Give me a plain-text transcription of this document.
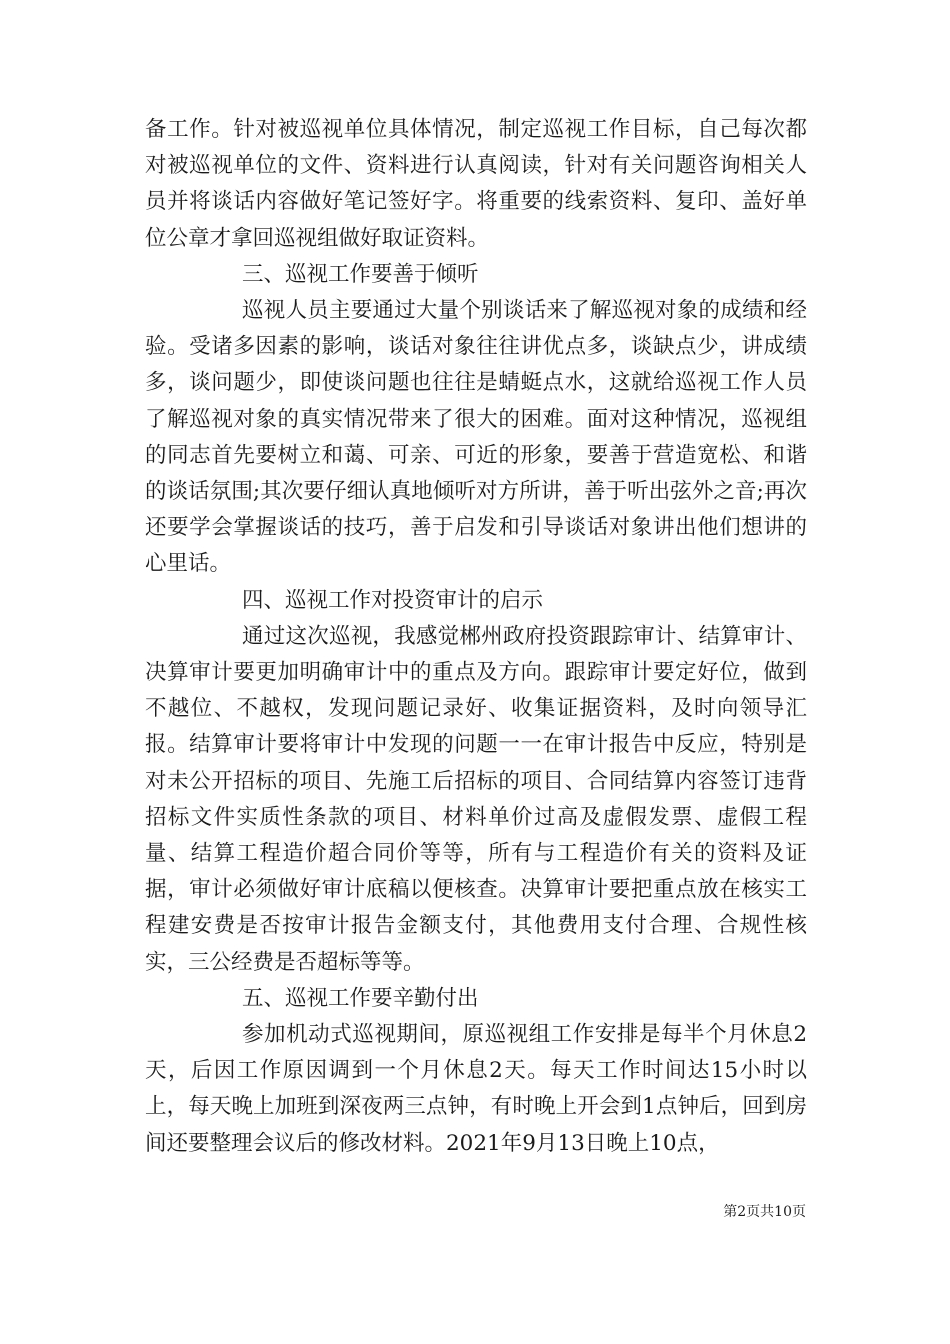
备工作。针对被巡视单位具体情况，制定巡视工作目标，自己每次都对被巡视单位的文件、资料进行认真阅读，针对有关问题咨询相关人员并将谈话内容做好笔记签好字。将重要的线索资料、复印、盖好单位公章才拿回巡视组做好取证资料。

三、巡视工作要善于倾听

巡视人员主要通过大量个别谈话来了解巡视对象的成绩和经验。受诸多因素的影响，谈话对象往往讲优点多，谈缺点少，讲成绩多，谈问题少，即使谈问题也往往是蜻蜓点水，这就给巡视工作人员了解巡视对象的真实情况带来了很大的困难。面对这种情况，巡视组的同志首先要树立和蔼、可亲、可近的形象，要善于营造宽松、和谐的谈话氛围;其次要仔细认真地倾听对方所讲，善于听出弦外之音;再次还要学会掌握谈话的技巧，善于启发和引导谈话对象讲出他们想讲的心里话。

四、巡视工作对投资审计的启示

通过这次巡视，我感觉郴州政府投资跟踪审计、结算审计、决算审计要更加明确审计中的重点及方向。跟踪审计要定好位，做到不越位、不越权，发现问题记录好、收集证据资料，及时向领导汇报。结算审计要将审计中发现的问题一一在审计报告中反应，特别是对未公开招标的项目、先施工后招标的项目、合同结算内容签订违背招标文件实质性条款的项目、材料单价过高及虚假发票、虚假工程量、结算工程造价超合同价等等，所有与工程造价有关的资料及证据，审计必须做好审计底稿以便核查。决算审计要把重点放在核实工程建安费是否按审计报告金额支付，其他费用支付合理、合规性核实，三公经费是否超标等等。

五、巡视工作要辛勤付出

参加机动式巡视期间，原巡视组工作安排是每半个月休息2天，后因工作原因调到一个月休息2天。每天工作时间达15小时以上，每天晚上加班到深夜两三点钟，有时晚上开会到1点钟后，回到房间还要整理会议后的修改材料。2021年9月13日晚上10点，

第2页共10页
